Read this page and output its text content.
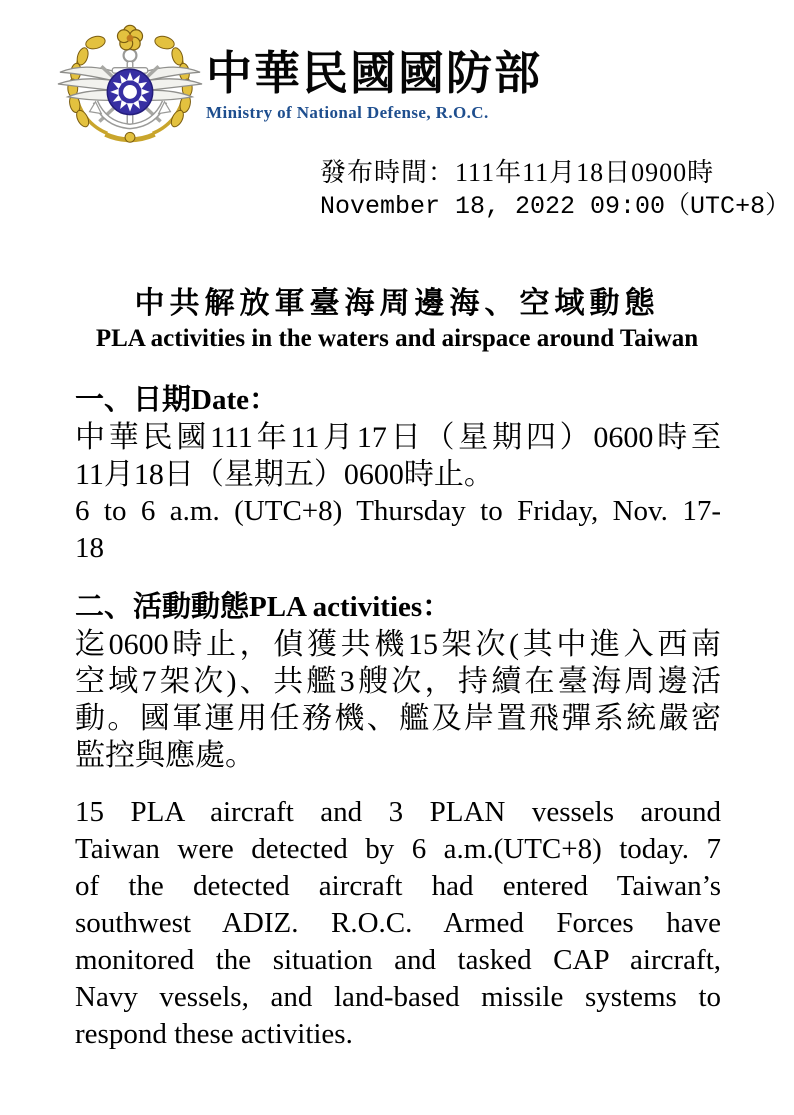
中華民國國防部
Ministry of National Defense, R.O.C.
發布時間：111年11月18日0900時
November 18, 2022 09:00（UTC+8）
中共解放軍臺海周邊海、空域動態
PLA activities in the waters and airspace around Taiwan
一、日期Date：
中華民國111年11月17日（星期四）0600時至
11月18日（星期五）0600時止。
6 to 6 a.m. (UTC+8) Thursday to Friday, Nov. 17-
18
二、活動動態PLA activities：
迄0600時止，偵獲共機15架次(其中進入西南
空域7架次)、共艦3艘次，持續在臺海周邊活
動。國軍運用任務機、艦及岸置飛彈系統嚴密
監控與應處。
15 PLA aircraft and 3 PLAN vessels around
Taiwan were detected by 6 a.m.(UTC+8) today. 7
of the detected aircraft had entered Taiwan’s
southwest ADIZ. R.O.C. Armed Forces have
monitored the situation and tasked CAP aircraft,
Navy vessels, and land-based missile systems to
respond these activities.
